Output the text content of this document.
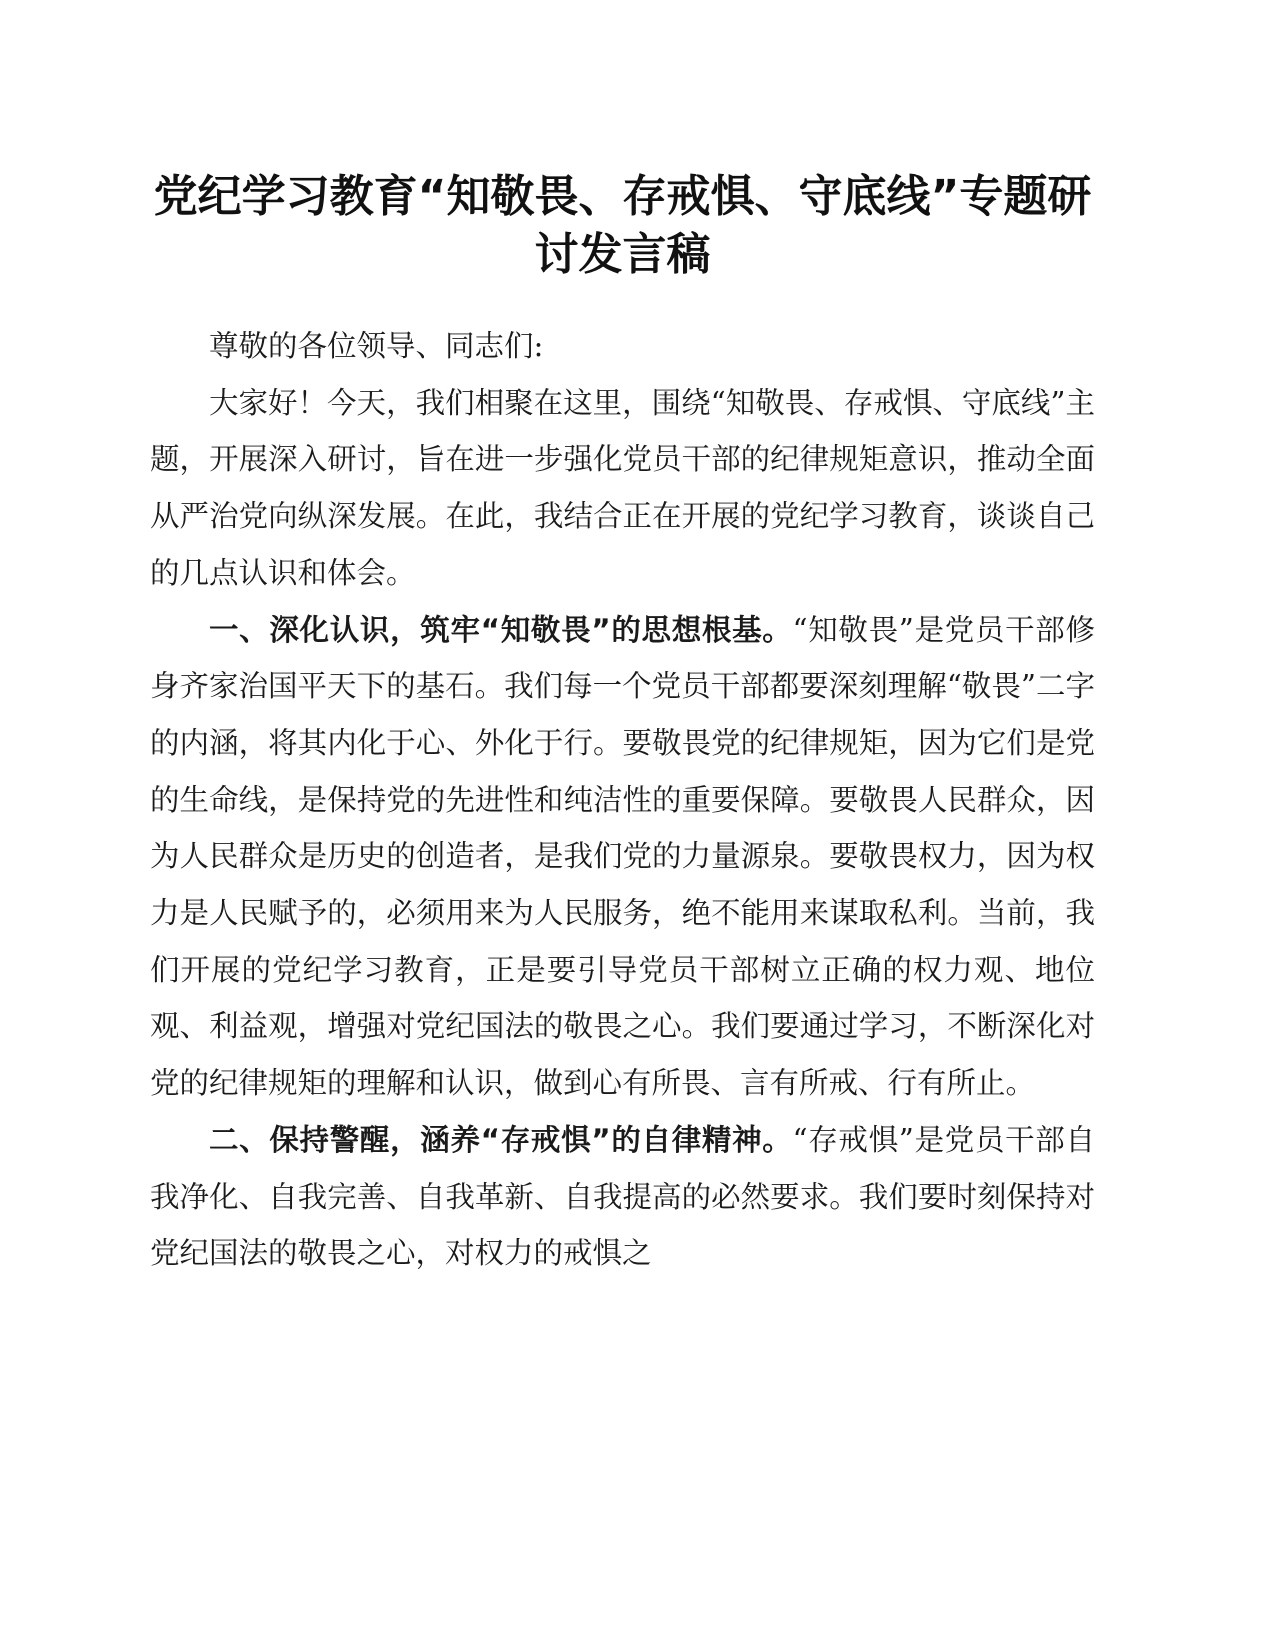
党纪学习教育“知敬畏、存戒惧、守底线”专题研讨发言稿

尊敬的各位领导、同志们:

大家好！今天，我们相聚在这里，围绕“知敬畏、存戒惧、守底线”主题，开展深入研讨，旨在进一步强化党员干部的纪律规矩意识，推动全面从严治党向纵深发展。在此，我结合正在开展的党纪学习教育，谈谈自己的几点认识和体会。

一、深化认识，筑牢“知敬畏”的思想根基。“知敬畏”是党员干部修身齐家治国平天下的基石。我们每一个党员干部都要深刻理解“敬畏”二字的内涵，将其内化于心、外化于行。要敬畏党的纪律规矩，因为它们是党的生命线，是保持党的先进性和纯洁性的重要保障。要敬畏人民群众，因为人民群众是历史的创造者，是我们党的力量源泉。要敬畏权力，因为权力是人民赋予的，必须用来为人民服务，绝不能用来谋取私利。当前，我们开展的党纪学习教育，正是要引导党员干部树立正确的权力观、地位观、利益观，增强对党纪国法的敬畏之心。我们要通过学习，不断深化对党的纪律规矩的理解和认识，做到心有所畏、言有所戒、行有所止。

二、保持警醒，涵养“存戒惧”的自律精神。“存戒惧”是党员干部自我净化、自我完善、自我革新、自我提高的必然要求。我们要时刻保持对党纪国法的敬畏之心，对权力的戒惧之
